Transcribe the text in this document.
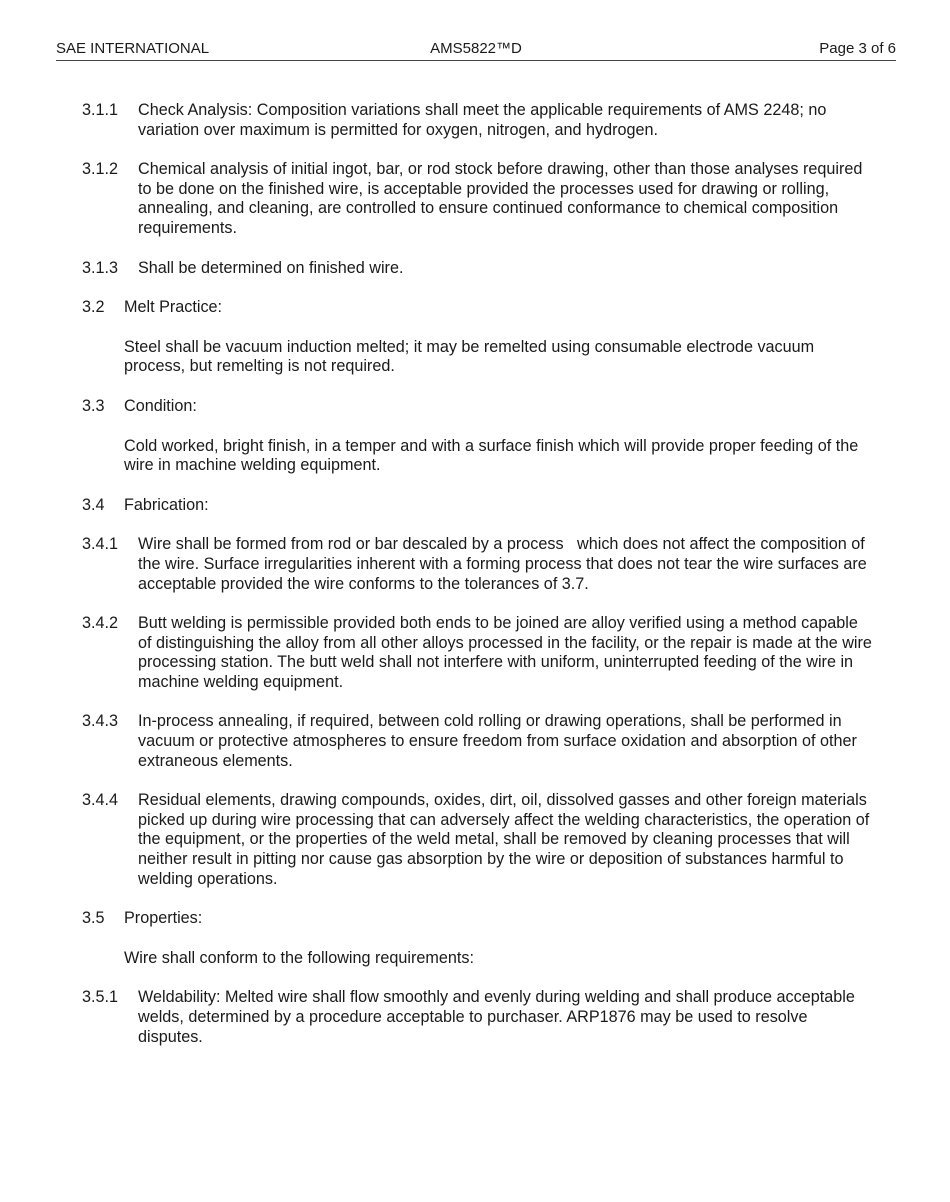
SAE INTERNATIONAL	AMS5822™D	Page 3 of 6
3.1.1 Check Analysis: Composition variations shall meet the applicable requirements of AMS 2248; no variation over maximum is permitted for oxygen, nitrogen, and hydrogen.
3.1.2 Chemical analysis of initial ingot, bar, or rod stock before drawing, other than those analyses required to be done on the finished wire, is acceptable provided the processes used for drawing or rolling, annealing, and cleaning, are controlled to ensure continued conformance to chemical composition requirements.
3.1.3 Shall be determined on finished wire.
3.2 Melt Practice:
Steel shall be vacuum induction melted; it may be remelted using consumable electrode vacuum process, but remelting is not required.
3.3 Condition:
Cold worked, bright finish, in a temper and with a surface finish which will provide proper feeding of the wire in machine welding equipment.
3.4 Fabrication:
3.4.1 Wire shall be formed from rod or bar descaled by a process   which does not affect the composition of the wire. Surface irregularities inherent with a forming process that does not tear the wire surfaces are acceptable provided the wire conforms to the tolerances of 3.7.
3.4.2 Butt welding is permissible provided both ends to be joined are alloy verified using a method capable of distinguishing the alloy from all other alloys processed in the facility, or the repair is made at the wire processing station. The butt weld shall not interfere with uniform, uninterrupted feeding of the wire in machine welding equipment.
3.4.3 In-process annealing, if required, between cold rolling or drawing operations, shall be performed in vacuum or protective atmospheres to ensure freedom from surface oxidation and absorption of other extraneous elements.
3.4.4 Residual elements, drawing compounds, oxides, dirt, oil, dissolved gasses and other foreign materials picked up during wire processing that can adversely affect the welding characteristics, the operation of the equipment, or the properties of the weld metal, shall be removed by cleaning processes that will neither result in pitting nor cause gas absorption by the wire or deposition of substances harmful to welding operations.
3.5 Properties:
Wire shall conform to the following requirements:
3.5.1 Weldability: Melted wire shall flow smoothly and evenly during welding and shall produce acceptable welds, determined by a procedure acceptable to purchaser. ARP1876 may be used to resolve disputes.
